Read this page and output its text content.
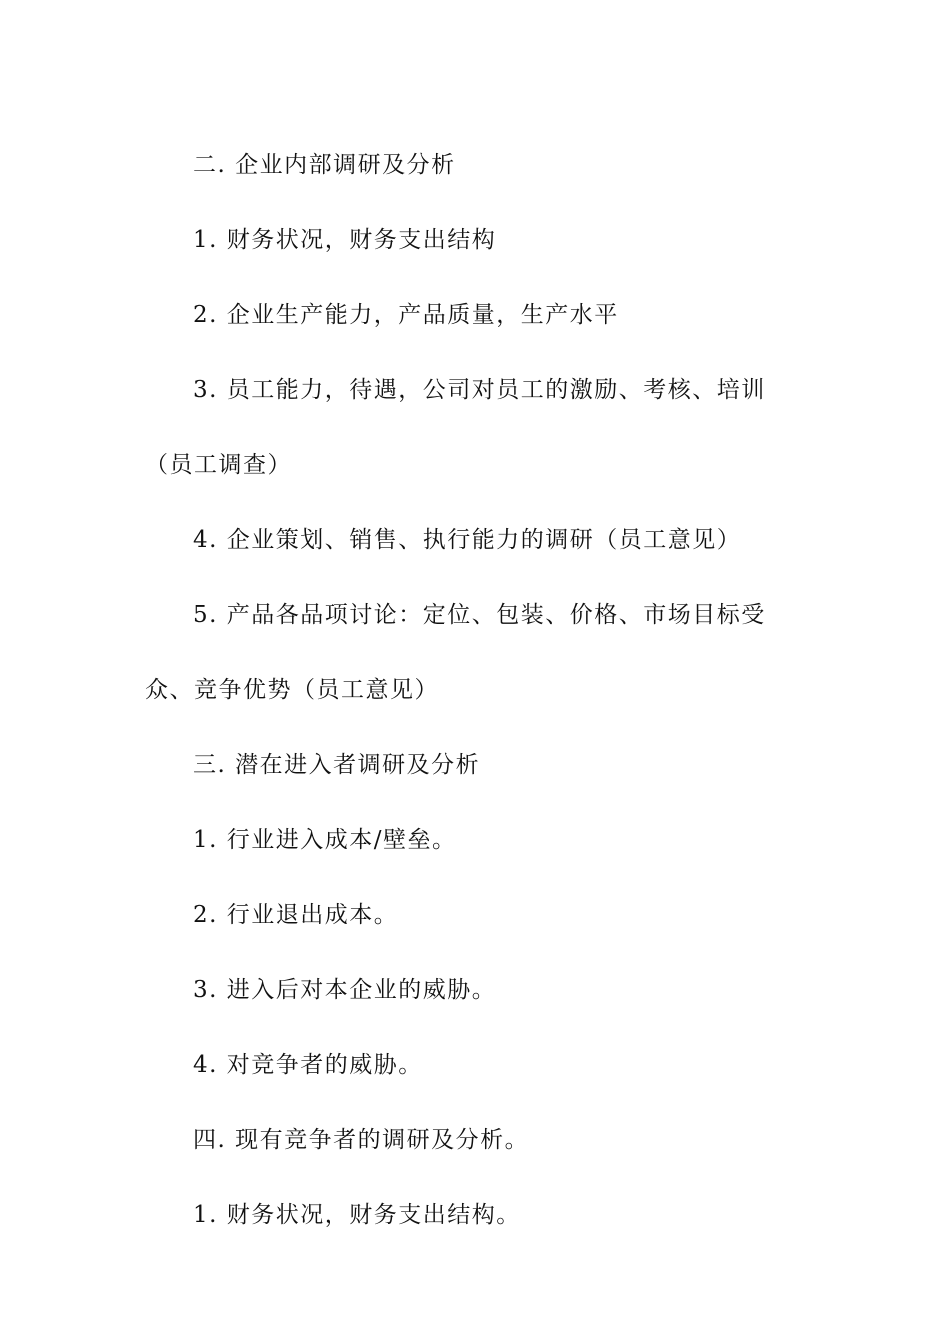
二. 企业内部调研及分析

1. 财务状况，财务支出结构

2. 企业生产能力，产品质量，生产水平

3. 员工能力，待遇，公司对员工的激励、考核、培训（员工调查）

4. 企业策划、销售、执行能力的调研（员工意见）

5. 产品各品项讨论：定位、包装、价格、市场目标受众、竞争优势（员工意见）

三. 潜在进入者调研及分析

1. 行业进入成本/壁垒。

2. 行业退出成本。

3. 进入后对本企业的威胁。

4. 对竞争者的威胁。

四. 现有竞争者的调研及分析。

1. 财务状况，财务支出结构。
